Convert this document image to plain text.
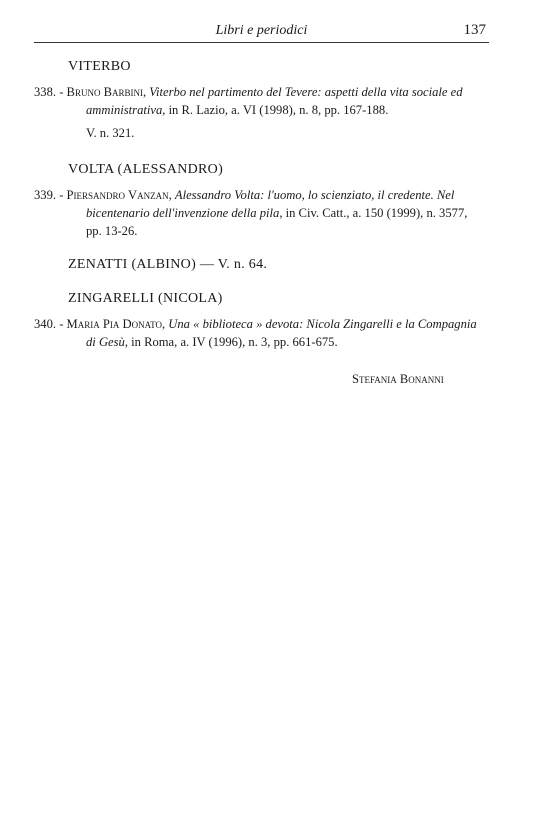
Libri e periodici	137
VITERBO
338. - Bruno Barbini, Viterbo nel partimento del Tevere: aspetti della vita sociale ed
amministrativa, in R. Lazio, a. VI (1998), n. 8, pp. 167-188.
V. n. 321.
VOLTA (ALESSANDRO)
339. - Piersandro Vanzan, Alessandro Volta: l'uomo, lo scienziato, il credente. Nel
bicentenario dell'invenzione della pila, in Civ. Catt., a. 150 (1999), n. 3577,
pp. 13-26.
ZENATTI (ALBINO) — V. n. 64.
ZINGARELLI (NICOLA)
340. - Maria Pia Donato, Una « biblioteca » devota: Nicola Zingarelli e la Compagnia
di Gesù, in Roma, a. IV (1996), n. 3, pp. 661-675.
Stefania Bonanni
